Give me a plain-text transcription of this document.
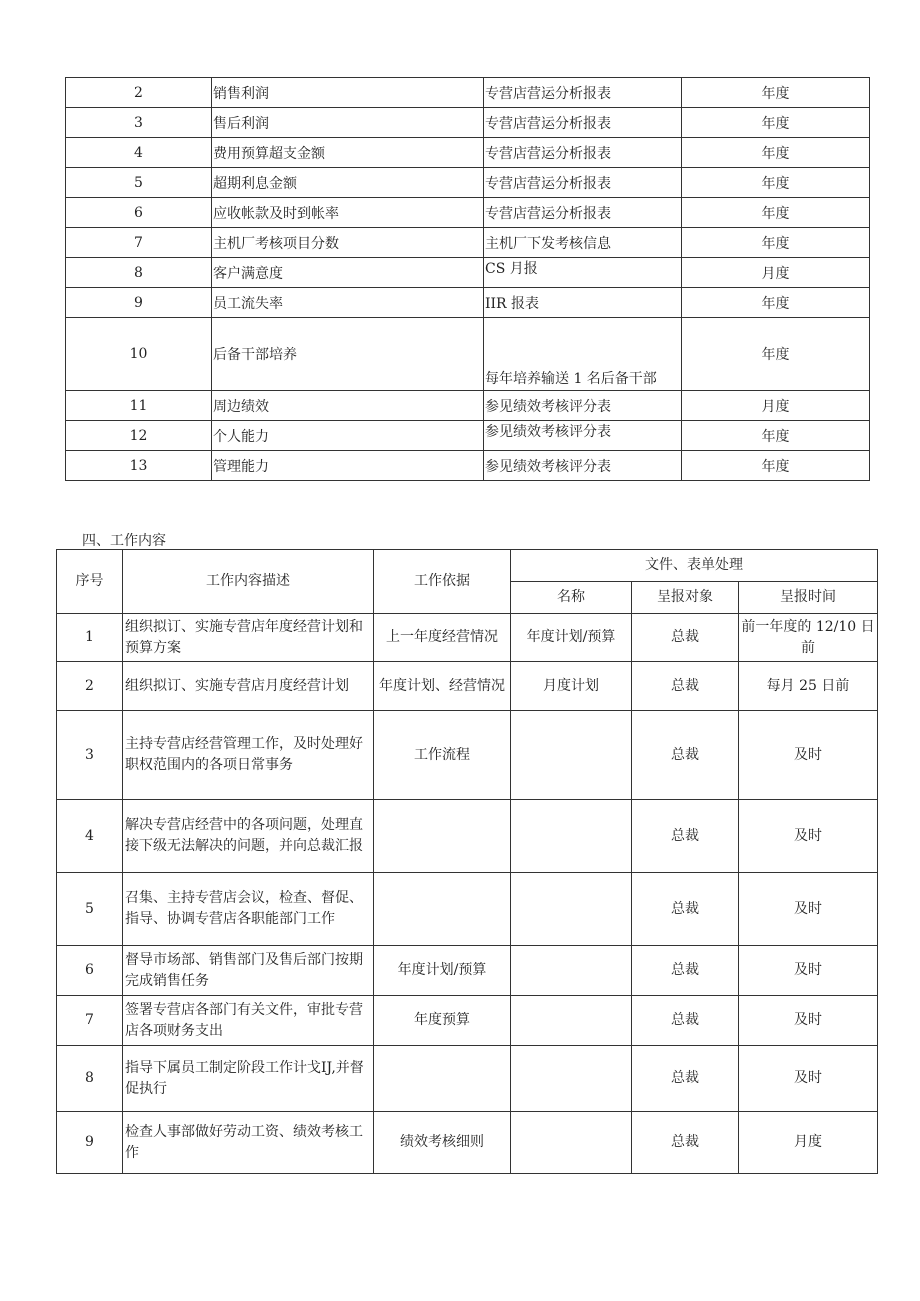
2	销售利润	专营店营运分析报表	年度
3	售后利润	专营店营运分析报表	年度
4	费用预算超支金额	专营店营运分析报表	年度
5	超期利息金额	专营店营运分析报表	年度
6	应收帐款及时到帐率	专营店营运分析报表	年度
7	主机厂考核项目分数	主机厂下发考核信息	年度
8	客户满意度	CS 月报	月度
9	员工流失率	IIR 报表	年度
10	后备干部培养	每年培养输送 1 名后备干部	年度
11	周边绩效	参见绩效考核评分表	月度
12	个人能力	参见绩效考核评分表	年度
13	管理能力	参见绩效考核评分表	年度
四、工作内容
序号	工作内容描述	工作依据	文件、表单处理		
			名称	呈报对象	呈报时间
1	组织拟订、实施专营店年度经营计划和预算方案	上一年度经营情况	年度计划/预算	总裁	前一年度的 12/10 日前
2	组织拟订、实施专营店月度经营计划	年度计划、经营情况	月度计划	总裁	每月 25 日前
3	主持专营店经营管理工作，及时处理好职权范围内的各项日常事务	工作流程		总裁	及时
4	解决专营店经营中的各项问题，处理直接下级无法解决的问题，并向总裁汇报			总裁	及时
5	召集、主持专营店会议，检查、督促、指导、协调专营店各职能部门工作			总裁	及时
6	督导市场部、销售部门及售后部门按期完成销售任务	年度计划/预算		总裁	及时
7	签署专营店各部门有关文件，审批专营店各项财务支出	年度预算		总裁	及时
8	指导下属员工制定阶段工作计戈IJ,并督促执行			总裁	及时
9	检查人事部做好劳动工资、绩效考核工作	绩效考核细则		总裁	月度
